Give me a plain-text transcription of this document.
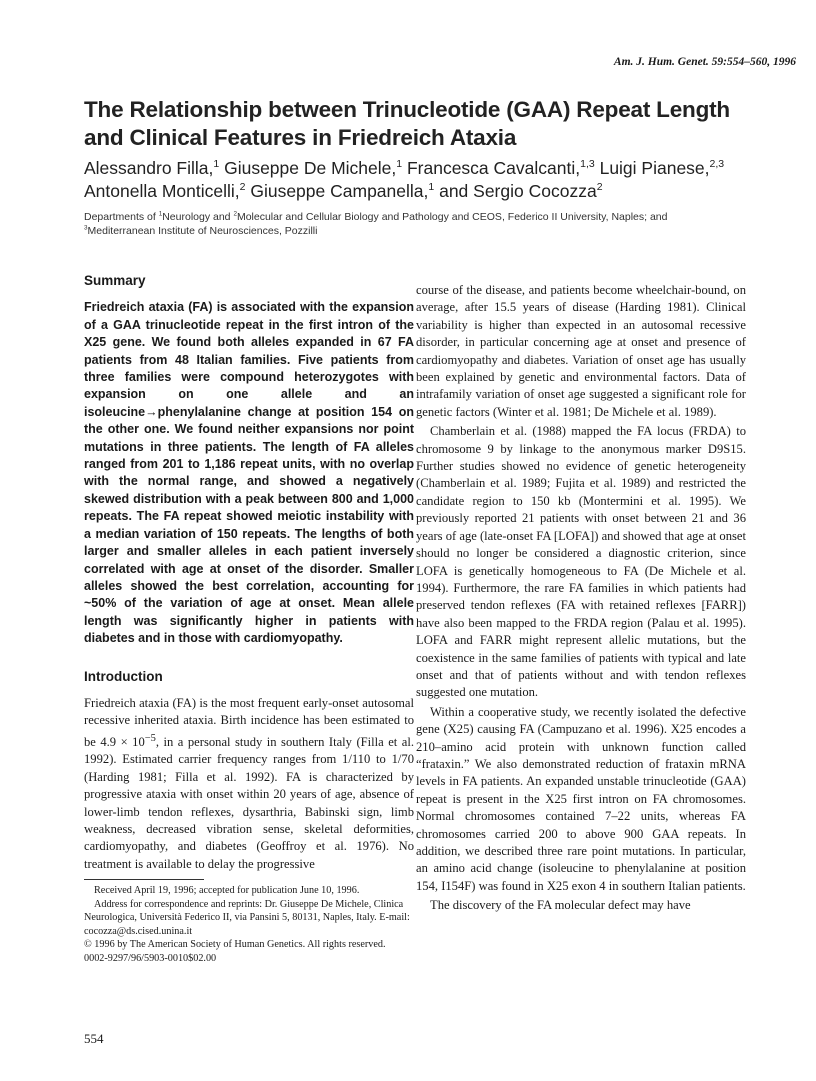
Am. J. Hum. Genet. 59:554–560, 1996
The Relationship between Trinucleotide (GAA) Repeat Length and Clinical Features in Friedreich Ataxia
Alessandro Filla,$^1$ Giuseppe De Michele,$^1$ Francesca Cavalcanti,$^{1,3}$ Luigi Pianese,$^{2,3}$
Antonella Monticelli,$^2$ Giuseppe Campanella,$^1$ and Sergio Cocozza$^2$
Departments of $^1$Neurology and $^2$Molecular and Cellular Biology and Pathology and CEOS, Federico II University, Naples; and
$^3$Mediterranean Institute of Neurosciences, Pozzilli
Summary

Friedreich ataxia (FA) is associated with the expansion of a GAA trinucleotide repeat in the first intron of the X25 gene. We found both alleles expanded in 67 FA patients from 48 Italian families. Five patients from three families were compound heterozygotes with expansion on one allele and an isoleucine→phenylalanine change at position 154 on the other one. We found neither expansions nor point mutations in three patients. The length of FA alleles ranged from 201 to 1,186 repeat units, with no overlap with the normal range, and showed a negatively skewed distribution with a peak between 800 and 1,000 repeats. The FA repeat showed meiotic instability with a median variation of 150 repeats. The lengths of both larger and smaller alleles in each patient inversely correlated with age at onset of the disorder. Smaller alleles showed the best correlation, accounting for ~50% of the variation of age at onset. Mean allele length was significantly higher in patients with diabetes and in those with cardiomyopathy.

Introduction

Friedreich ataxia (FA) is the most frequent early-onset autosomal recessive inherited ataxia. Birth incidence has been estimated to be $4.9 \times 10^{-5}$, in a personal study in southern Italy (Filla et al. 1992). Estimated carrier frequency ranges from 1/110 to 1/70 (Harding 1981; Filla et al. 1992). FA is characterized by progressive ataxia with onset within 20 years of age, absence of lower-limb tendon reflexes, dysarthria, Babinski sign, limb weakness, decreased vibration sense, skeletal deformities, cardiomyopathy, and diabetes (Geoffroy et al. 1976). No treatment is available to delay the progressive

course of the disease, and patients become wheelchair-bound, on average, after 15.5 years of disease (Harding 1981). Clinical variability is higher than expected in an autosomal recessive disorder, in particular concerning age at onset and presence of cardiomyopathy and diabetes. Variation of onset age has usually been explained by genetic and environmental factors. Data of intrafamily variation of onset age suggested a significant role for genetic factors (Winter et al. 1981; De Michele et al. 1989).

Chamberlain et al. (1988) mapped the FA locus (FRDA) to chromosome 9 by linkage to the anonymous marker D9S15. Further studies showed no evidence of genetic heterogeneity (Chamberlain et al. 1989; Fujita et al. 1989) and restricted the candidate region to 150 kb (Montermini et al. 1995). We previously reported 21 patients with onset between 21 and 36 years of age (late-onset FA [LOFA]) and showed that age at onset should no longer be considered a diagnostic criterion, since LOFA is genetically homogeneous to FA (De Michele et al. 1994). Furthermore, the rare FA families in which patients had preserved tendon reflexes (FA with retained reflexes [FARR]) have also been mapped to the FRDA region (Palau et al. 1995). LOFA and FARR might represent allelic mutations, but the coexistence in the same families of patients with typical and late onset and that of patients without and with tendon reflexes suggested one mutation.

Within a cooperative study, we recently isolated the defective gene (X25) causing FA (Campuzano et al. 1996). X25 encodes a 210–amino acid protein with unknown function called “frataxin.” We also demonstrated reduction of frataxin mRNA levels in FA patients. An expanded unstable trinucleotide (GAA) repeat is present in the X25 first intron on FA chromosomes. Normal chromosomes contained 7–22 units, whereas FA chromosomes carried 200 to above 900 GAA repeats. In addition, we described three rare point mutations. In particular, an amino acid change (isoleucine to phenylalanine at position 154, I154F) was found in X25 exon 4 in southern Italian patients.

The discovery of the FA molecular defect may have

Received April 19, 1996; accepted for publication June 10, 1996.
Address for correspondence and reprints: Dr. Giuseppe De Michele, Clinica Neurologica, Università Federico II, via Pansini 5, 80131, Naples, Italy. E-mail: cocozza@ds.cised.unina.it
© 1996 by The American Society of Human Genetics. All rights reserved.
0002-9297/96/5903-0010$02.00
554
